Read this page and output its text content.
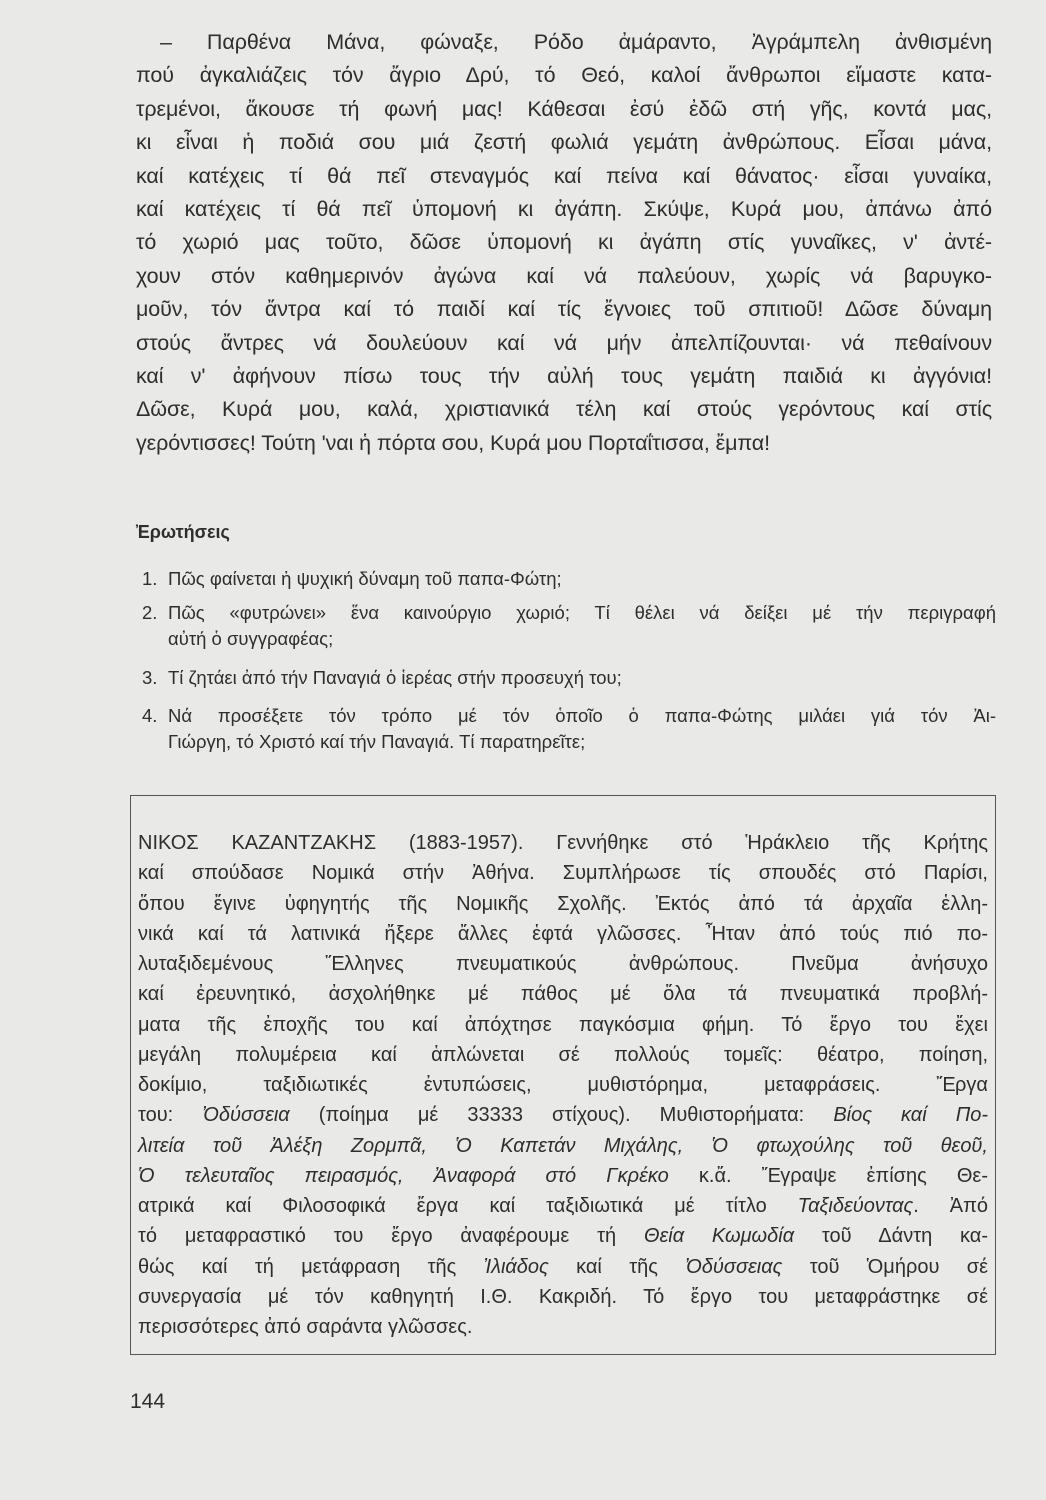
– Παρθένα Μάνα, φώναξε, Ρόδο ἀμάραντο, Ἀγράμπελη ἀνθισμένη
πού ἀγκαλιάζεις τόν ἄγριο Δρύ, τό Θεό, καλοί ἄνθρωποι εἴμαστε κατα-
τρεμένοι, ἄκουσε τή φωνή μας! Κάθεσαι ἐσύ ἐδῶ στή γῆς, κοντά μας,
κι εἶναι ἡ ποδιά σου μιά ζεστή φωλιά γεμάτη ἀνθρώπους. Εἶσαι μάνα,
καί κατέχεις τί θά πεῖ στεναγμός καί πείνα καί θάνατος· εἶσαι γυναίκα,
καί κατέχεις τί θά πεῖ ὑπομονή κι ἀγάπη. Σκύψε, Κυρά μου, ἀπάνω ἀπό
τό χωριό μας τοῦτο, δῶσε ὑπομονή κι ἀγάπη στίς γυναῖκες, ν' ἀντέ-
χουν στόν καθημερινόν ἀγώνα καί νά παλεύουν, χωρίς νά βαρυγκο-
μοῦν, τόν ἄντρα καί τό παιδί καί τίς ἔγνοιες τοῦ σπιτιοῦ! Δῶσε δύναμη
στούς ἄντρες νά δουλεύουν καί νά μήν ἀπελπίζουνται· νά πεθαίνουν
καί ν' ἀφήνουν πίσω τους τήν αὐλή τους γεμάτη παιδιά κι ἀγγόνια!
Δῶσε, Κυρά μου, καλά, χριστιανικά τέλη καί στούς γερόντους καί στίς
γερόντισσες! Τούτη 'ναι ἡ πόρτα σου, Κυρά μου Πορταΐτισσα, ἔμπα!
Ἐρωτήσεις
1. Πῶς φαίνεται ἡ ψυχική δύναμη τοῦ παπα-Φώτη;
2. Πῶς «φυτρώνει» ἕνα καινούργιο χωριό; Τί θέλει νά δείξει μέ τήν περιγραφή
αὐτή ὁ συγγραφέας;
3. Τί ζητάει ἀπό τήν Παναγιά ὁ ἱερέας στήν προσευχή του;
4. Νά προσέξετε τόν τρόπο μέ τόν ὁποῖο ὁ παπα-Φώτης μιλάει γιά τόν Ἀι-
Γιώργη, τό Χριστό καί τήν Παναγιά. Τί παρατηρεῖτε;
ΝΙΚΟΣ ΚΑΖΑΝΤΖΑΚΗΣ (1883-1957). Γεννήθηκε στό Ἡράκλειο τῆς Κρήτης
καί σπούδασε Νομικά στήν Ἀθήνα. Συμπλήρωσε τίς σπουδές στό Παρίσι,
ὅπου ἔγινε ὑφηγητής τῆς Νομικῆς Σχολῆς. Ἐκτός ἀπό τά ἀρχαῖα ἑλλη-
νικά καί τά λατινικά ἤξερε ἄλλες ἑφτά γλῶσσες. Ἦταν ἀπό τούς πιό πο-
λυταξιδεμένους Ἕλληνες πνευματικούς ἀνθρώπους. Πνεῦμα ἀνήσυχο
καί ἐρευνητικό, ἀσχολήθηκε μέ πάθος μέ ὅλα τά πνευματικά προβλή-
ματα τῆς ἐποχῆς του καί ἀπόχτησε παγκόσμια φήμη. Τό ἔργο του ἔχει
μεγάλη πολυμέρεια καί ἁπλώνεται σέ πολλούς τομεῖς: θέατρο, ποίηση,
δοκίμιο, ταξιδιωτικές ἐντυπώσεις, μυθιστόρημα, μεταφράσεις. Ἔργα
του: Ὀδύσσεια (ποίημα μέ 33333 στίχους). Μυθιστορήματα: Βίος καί Πο-
λιτεία τοῦ Ἀλέξη Ζορμπᾶ, Ὁ Καπετάν Μιχάλης, Ὁ φτωχούλης τοῦ θεοῦ,
Ὁ τελευταῖος πειρασμός, Ἀναφορά στό Γκρέκο κ.ἄ. Ἔγραψε ἐπίσης Θε-
ατρικά καί Φιλοσοφικά ἔργα καί ταξιδιωτικά μέ τίτλο Ταξιδεύοντας. Ἀπό
τό μεταφραστικό του ἔργο ἀναφέρουμε τή Θεία Κωμωδία τοῦ Δάντη κα-
θώς καί τή μετάφραση τῆς Ἰλιάδος καί τῆς Ὀδύσσειας τοῦ Ὁμήρου σέ
συνεργασία μέ τόν καθηγητή Ι.Θ. Κακριδή. Τό ἔργο του μεταφράστηκε σέ
περισσότερες ἀπό σαράντα γλῶσσες.
144
